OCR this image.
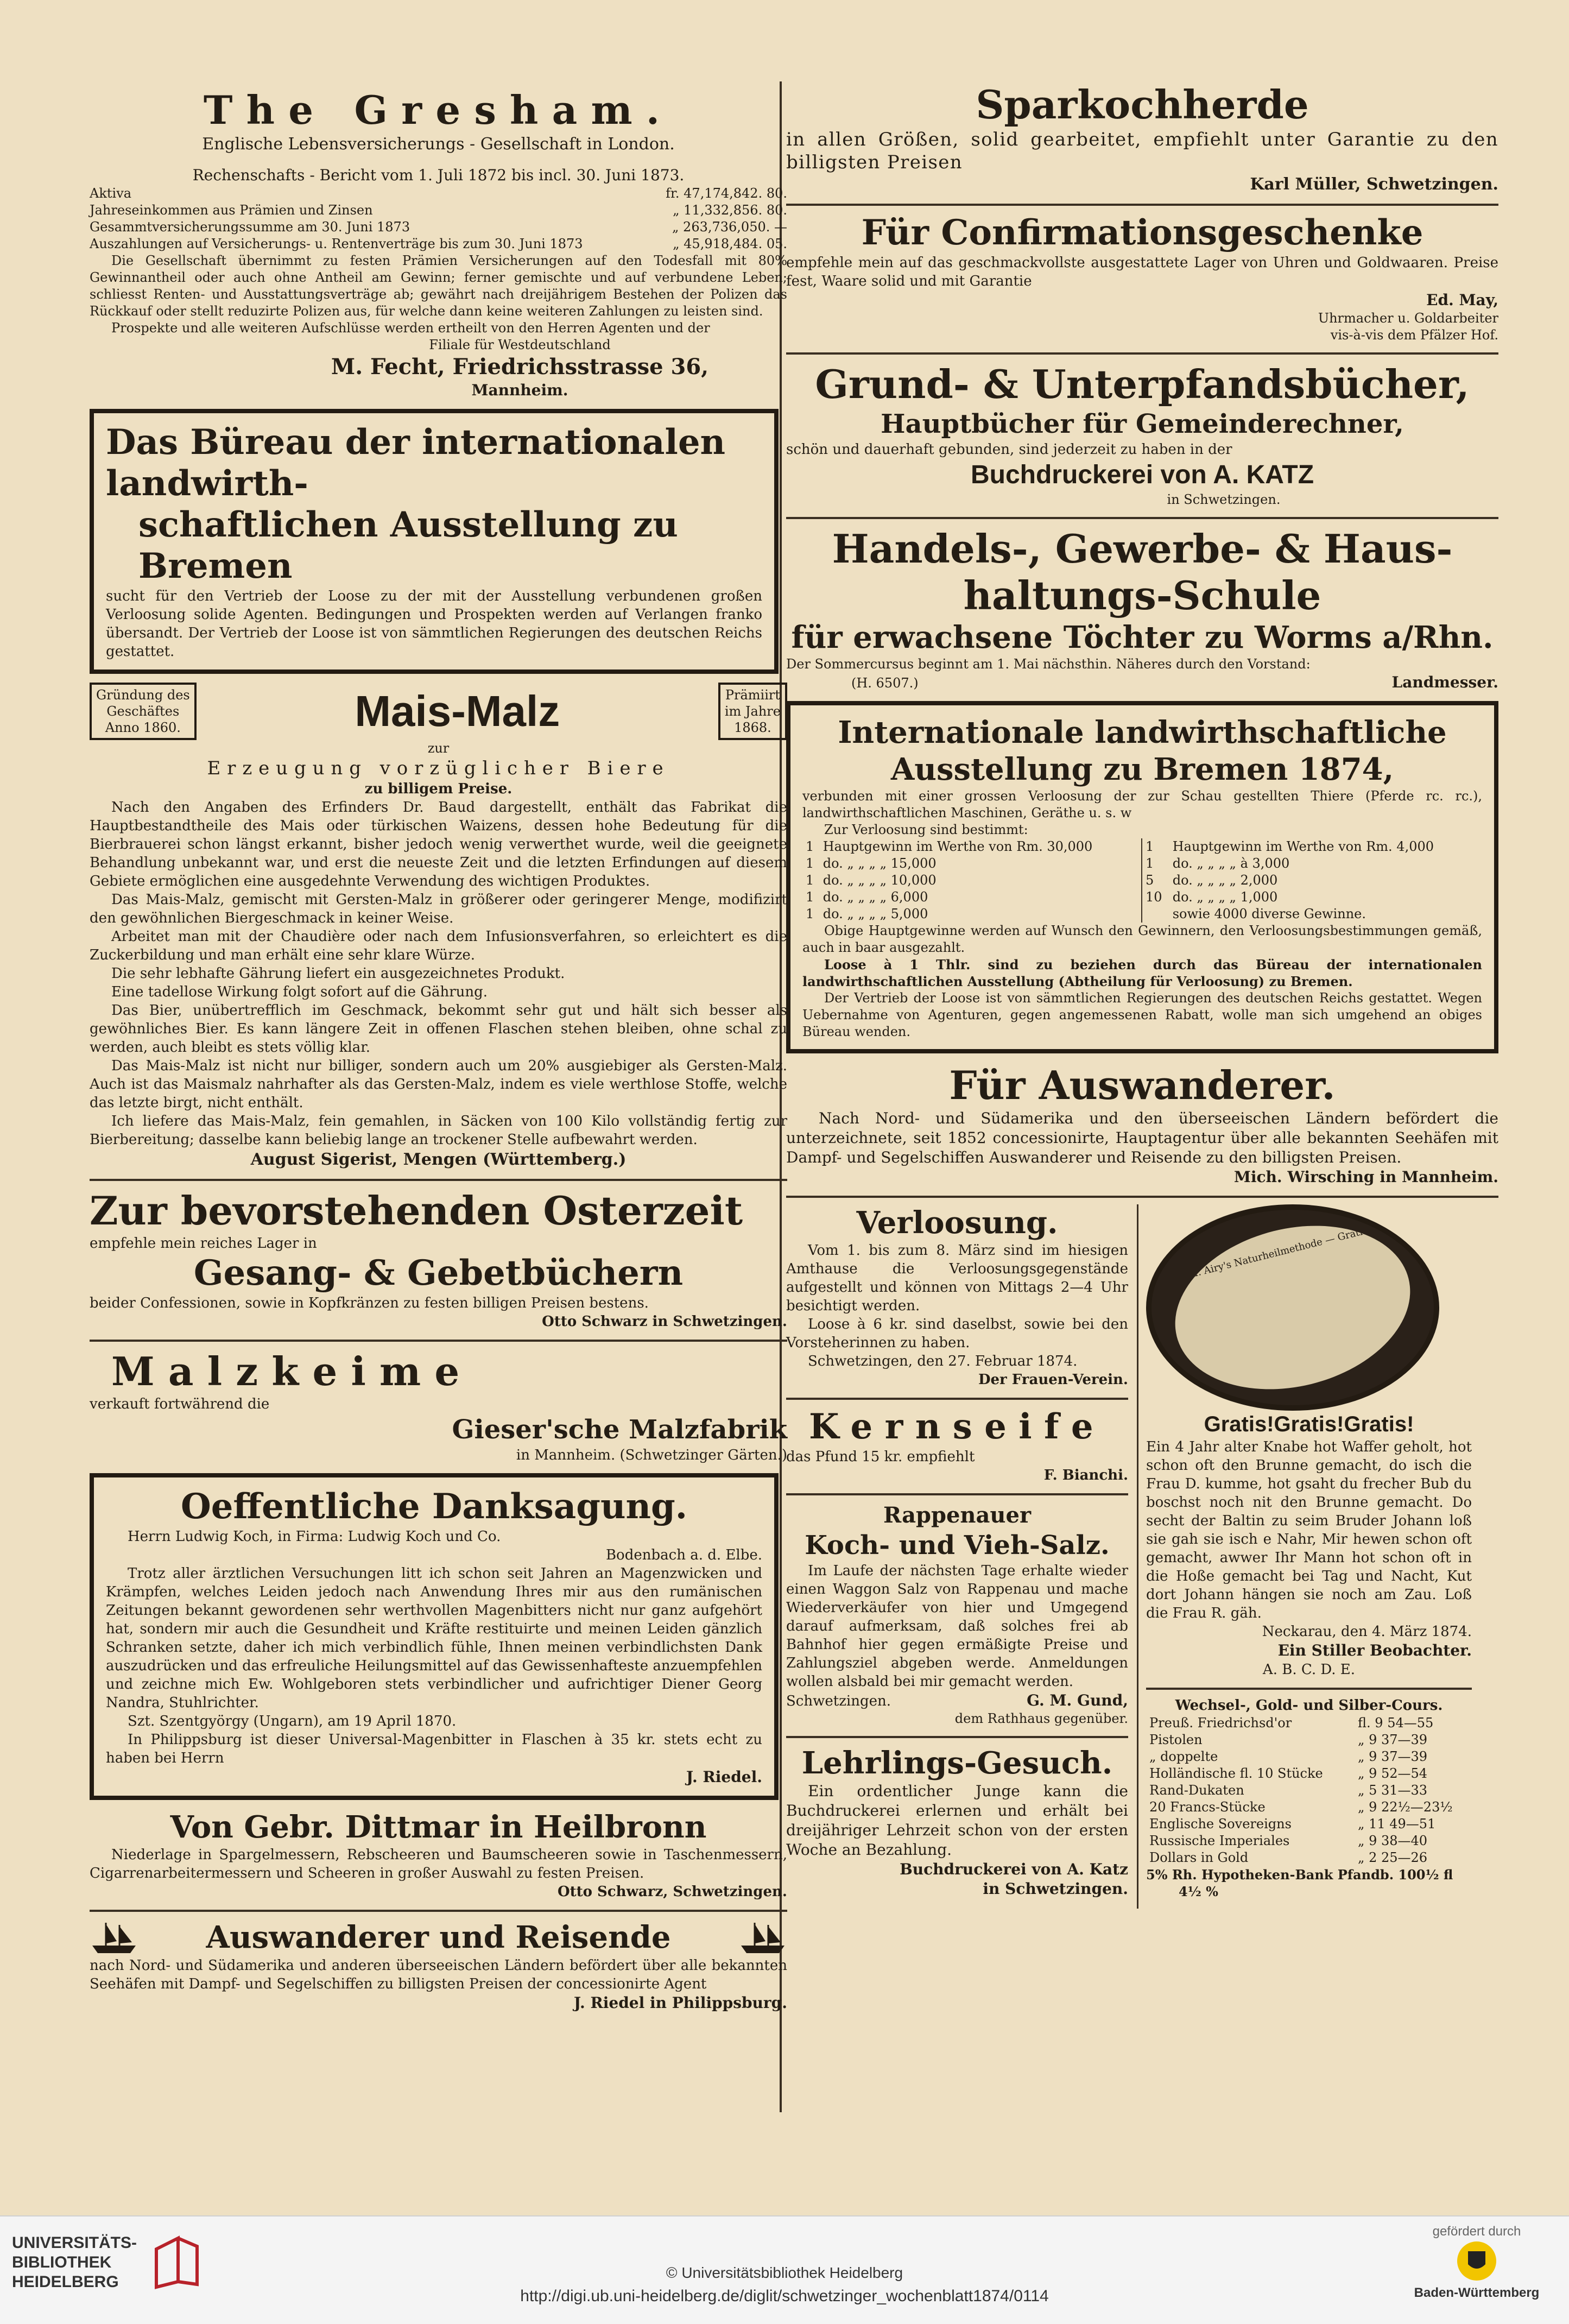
The Gresham.

Englische Lebensversicherungs - Gesellschaft in London.

Rechenschafts - Bericht vom 1. Juli 1872 bis incl. 30. Juni 1873.

Aktiva	fr. 47,174,842. 80.
Jahreseinkommen aus Prämien und Zinsen	„ 11,332,856. 80.
Gesammtversicherungssumme am 30. Juni 1873	„ 263,736,050. —
Auszahlungen auf Versicherungs- u. Rentenverträge bis zum 30. Juni 1873	„ 45,918,484. 05.

Die Gesellschaft übernimmt zu festen Prämien Versicherungen auf den Todesfall mit 80% Gewinnantheil oder auch ohne Antheil am Gewinn; ferner gemischte und auf verbundene Leben; schliesst Renten- und Ausstattungsverträge ab; gewährt nach dreijährigem Bestehen der Polizen das Rückkauf oder stellt reduzirte Polizen aus, für welche dann keine weiteren Zahlungen zu leisten sind.

Prospekte und alle weiteren Aufschlüsse werden ertheilt von den Herren Agenten und der

Filiale für Westdeutschland

M. Fecht, Friedrichsstrasse 36,

Mannheim.

Das Büreau der internationalen landwirth-

schaftlichen Ausstellung zu Bremen

sucht für den Vertrieb der Loose zu der mit der Ausstellung verbundenen großen Verloosung solide Agenten. Bedingungen und Prospekten werden auf Verlangen franko übersandt. Der Vertrieb der Loose ist von sämmtlichen Regierungen des deutschen Reichs gestattet.

Gründung des
Geschäftes
Anno 1860.	Mais-Malz	Prämiirt
im Jahre
1868.

zur

Erzeugung vorzüglicher Biere

zu billigem Preise.

Nach den Angaben des Erfinders Dr. Baud dargestellt, enthält das Fabrikat die Hauptbestandtheile des Mais oder türkischen Waizens, dessen hohe Bedeutung für die Bierbrauerei schon längst erkannt, bisher jedoch wenig verwerthet wurde, weil die geeignete Behandlung unbekannt war, und erst die neueste Zeit und die letzten Erfindungen auf diesem Gebiete ermöglichen eine ausgedehnte Verwendung des wichtigen Produktes.

Das Mais-Malz, gemischt mit Gersten-Malz in größerer oder geringerer Menge, modifizirt den gewöhnlichen Biergeschmack in keiner Weise.

Arbeitet man mit der Chaudière oder nach dem Infusionsverfahren, so erleichtert es die Zuckerbildung und man erhält eine sehr klare Würze.

Die sehr lebhafte Gährung liefert ein ausgezeichnetes Produkt.

Eine tadellose Wirkung folgt sofort auf die Gährung.

Das Bier, unübertrefflich im Geschmack, bekommt sehr gut und hält sich besser als gewöhnliches Bier. Es kann längere Zeit in offenen Flaschen stehen bleiben, ohne schal zu werden, auch bleibt es stets völlig klar.

Das Mais-Malz ist nicht nur billiger, sondern auch um 20% ausgiebiger als Gersten-Malz. Auch ist das Maismalz nahrhafter als das Gersten-Malz, indem es viele werthlose Stoffe, welche das letzte birgt, nicht enthält.

Ich liefere das Mais-Malz, fein gemahlen, in Säcken von 100 Kilo vollständig fertig zur Bierbereitung; dasselbe kann beliebig lange an trockener Stelle aufbewahrt werden.

August Sigerist, Mengen (Württemberg.)

Zur bevorstehenden Osterzeit

empfehle mein reiches Lager in

Gesang- & Gebetbüchern

beider Confessionen, sowie in Kopfkränzen zu festen billigen Preisen bestens.

Otto Schwarz in Schwetzingen.

Malzkeime

verkauft fortwährend die

Gieser'sche Malzfabrik

in Mannheim. (Schwetzinger Gärten.)

Oeffentliche Danksagung.

Herrn Ludwig Koch, in Firma: Ludwig Koch und Co.

Bodenbach a. d. Elbe.

Trotz aller ärztlichen Versuchungen litt ich schon seit Jahren an Magenzwicken und Krämpfen, welches Leiden jedoch nach Anwendung Ihres mir aus den rumänischen Zeitungen bekannt gewordenen sehr werthvollen Magenbitters nicht nur ganz aufgehört hat, sondern mir auch die Gesundheit und Kräfte restituirte und meinen Leiden gänzlich Schranken setzte, daher ich mich verbindlich fühle, Ihnen meinen verbindlichsten Dank auszudrücken und das erfreuliche Heilungsmittel auf das Gewissenhafteste anzuempfehlen und zeichne mich Ew. Wohlgeboren stets verbindlicher und aufrichtiger Diener Georg Nandra, Stuhlrichter.

Szt. Szentgyörgy (Ungarn), am 19 April 1870.

In Philippsburg ist dieser Universal-Magenbitter in Flaschen à 35 kr. stets echt zu haben bei Herrn

J. Riedel.

Von Gebr. Dittmar in Heilbronn

Niederlage in Spargelmessern, Rebscheeren und Baumscheeren sowie in Taschenmessern, Cigarrenarbeitermessern und Scheeren in großer Auswahl zu festen Preisen.

Otto Schwarz, Schwetzingen.

Auswanderer und Reisende

nach Nord- und Südamerika und anderen überseeischen Ländern befördert über alle bekannten Seehäfen mit Dampf- und Segelschiffen zu billigsten Preisen der concessionirte Agent

J. Riedel in Philippsburg.

Sparkochherde

in allen Größen, solid gearbeitet, empfiehlt unter Garantie zu den billigsten Preisen

Karl Müller, Schwetzingen.

Für Confirmationsgeschenke

empfehle mein auf das geschmackvollste ausgestattete Lager von Uhren und Goldwaaren. Preise fest, Waare solid und mit Garantie

Ed. May,

Uhrmacher u. Goldarbeiter

vis-à-vis dem Pfälzer Hof.

Grund- & Unterpfandsbücher,

Hauptbücher für Gemeinderechner,

schön und dauerhaft gebunden, sind jederzeit zu haben in der

Buchdruckerei von A. KATZ

in Schwetzingen.

Handels-, Gewerbe- & Haus-

haltungs-Schule

für erwachsene Töchter zu Worms a/Rhn.

Der Sommercursus beginnt am 1. Mai nächsthin. Näheres durch den Vorstand:

(H. 6507.)	Landmesser.

Internationale landwirthschaftliche

Ausstellung zu Bremen 1874,

verbunden mit einer grossen Verloosung der zur Schau gestellten Thiere (Pferde rc. rc.), landwirthschaftlichen Maschinen, Geräthe u. s. w

Zur Verloosung sind bestimmt:

1	Hauptgewinn im Werthe von Rm. 30,000
1	do. „ „ „ „ 15,000
1	do. „ „ „ „ 10,000
1	do. „ „ „ „ 6,000
1	do. „ „ „ „ 5,000
1	Hauptgewinn im Werthe von Rm. 4,000
1	do. „ „ „ „ à 3,000
5	do. „ „ „ „ 2,000
10	do. „ „ „ „ 1,000
	sowie 4000 diverse Gewinne.

Obige Hauptgewinne werden auf Wunsch den Gewinnern, den Verloosungsbestimmungen gemäß, auch in baar ausgezahlt.

Loose à 1 Thlr. sind zu beziehen durch das Büreau der internationalen landwirthschaftlichen Ausstellung (Abtheilung für Verloosung) zu Bremen.

Der Vertrieb der Loose ist von sämmtlichen Regierungen des deutschen Reichs gestattet. Wegen Uebernahme von Agenturen, gegen angemessenen Rabatt, wolle man sich umgehend an obiges Büreau wenden.

Für Auswanderer.

Nach Nord- und Südamerika und den überseeischen Ländern befördert die unterzeichnete, seit 1852 concessionirte, Hauptagentur über alle bekannten Seehäfen mit Dampf- und Segelschiffen Auswanderer und Reisende zu den billigsten Preisen.

Mich. Wirsching in Mannheim.

Verloosung.

Vom 1. bis zum 8. März sind im hiesigen Amthause die Verloosungsgegenstände aufgestellt und können von Mittags 2—4 Uhr besichtigt werden.

Loose à 6 kr. sind daselbst, sowie bei den Vorsteherinnen zu haben.

Schwetzingen, den 27. Februar 1874.

Der Frauen-Verein.

Kernseife

das Pfund 15 kr. empfiehlt

F. Bianchi.

Rappenauer

Koch- und Vieh-Salz.

Im Laufe der nächsten Tage erhalte wieder einen Waggon Salz von Rappenau und mache Wiederverkäufer von hier und Umgegend darauf aufmerksam, daß solches frei ab Bahnhof hier gegen ermäßigte Preise und Zahlungsziel abgeben werde. Anmeldungen wollen alsbald bei mir gemacht werden.

Schwetzingen.	G. M. Gund,

dem Rathhaus gegenüber.

Lehrlings-Gesuch.

Ein ordentlicher Junge kann die Buchdruckerei erlernen und erhält bei dreijähriger Lehrzeit schon von der ersten Woche an Bezahlung.

Buchdruckerei von A. Katz

in Schwetzingen.

Dr. Airy's Naturheilmethode — Gratis!

Gratis!Gratis!Gratis!

Ein 4 Jahr alter Knabe hot Waffer geholt, hot schon oft den Brunne gemacht, do isch die Frau D. kumme, hot gsaht du frecher Bub du boschst noch nit den Brunne gemacht. Do secht der Baltin zu seim Bruder Johann loß sie gah sie isch e Nahr, Mir hewen schon oft gemacht, awwer Ihr Mann hot schon oft in die Hoße gemacht bei Tag und Nacht, Kut dort Johann hängen sie noch am Zau. Loß die Frau R. gäh.

Neckarau, den 4. März 1874.

Ein Stiller Beobachter.

A. B. C. D. E.

Wechsel-, Gold- und Silber-Cours.

Preuß. Friedrichsd'or	fl. 9 54—55
Pistolen	„ 9 37—39
„ doppelte	„ 9 37—39
Holländische fl. 10 Stücke	„ 9 52—54
Rand-Dukaten	„ 5 31—33
20 Francs-Stücke	„ 9 22½—23½
Englische Sovereigns	„ 11 49—51
Russische Imperiales	„ 9 38—40
Dollars in Gold	„ 2 25—26

5% Rh. Hypotheken-Bank Pfandb. 100½ fl

4½ %

UNIVERSITÄTS-
BIBLIOTHEK
HEIDELBERG

© Universitätsbibliothek Heidelberg

http://digi.ub.uni-heidelberg.de/diglit/schwetzinger_wochenblatt1874/0114

gefördert durch

Baden-Württemberg
